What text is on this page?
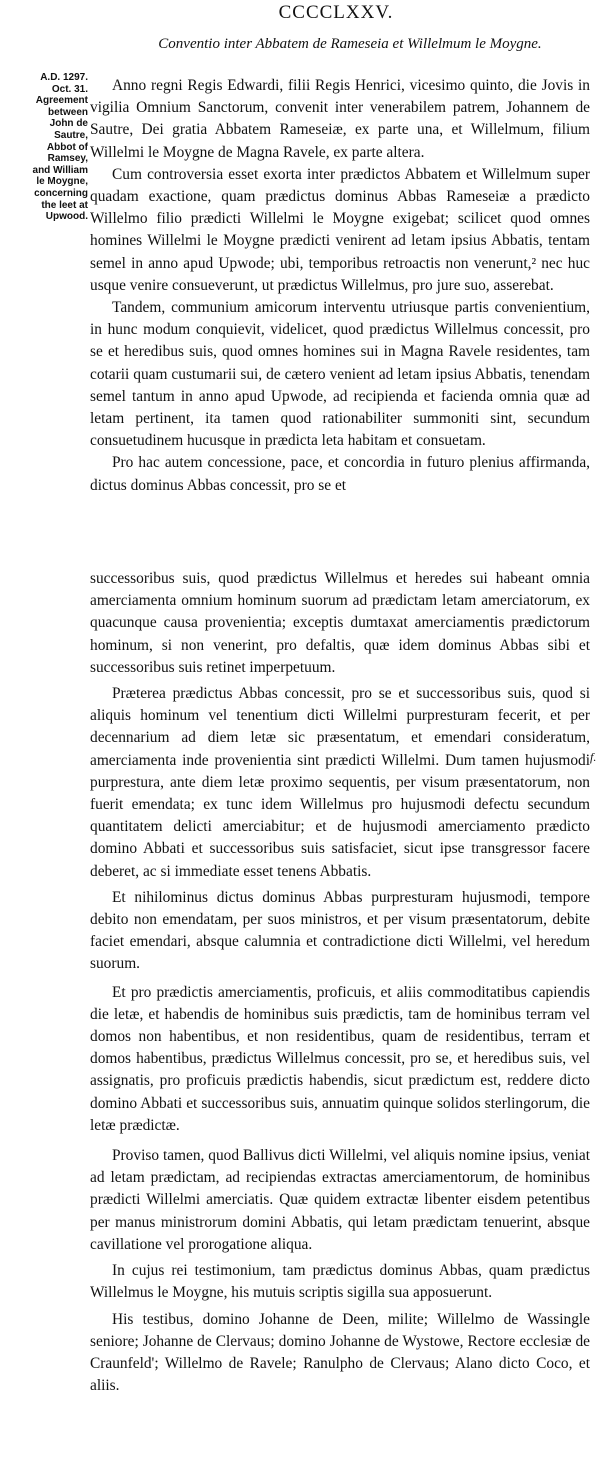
CCCCLXXV.
Conventio inter Abbatem de Rameseia et Willelmum le Moygne.
A.D. 1297.
Oct. 31.
Agreement
between
John de
Sautre,
Abbot of
Ramsey,
and William
le Moygne,
concerning
the leet at
Upwood.

Anno regni Regis Edwardi, filii Regis Henrici, vicesimo quinto, die Jovis in vigilia Omnium Sanctorum, convenit inter venerabilem patrem, Johannem de Sautre, Dei gratia Abbatem Rameseiæ, ex parte una, et Willelmum, filium Willelmi le Moygne de Magna Ravele, ex parte altera.

Cum controversia esset exorta inter prædictos Abbatem et Willelmum super quadam exactione, quam prædictus dominus Abbas Rameseiæ a prædicto Willelmo filio prædicti Willelmi le Moygne exigebat; scilicet quod omnes homines Willelmi le Moygne prædicti venirent ad letam ipsius Abbatis, tentam semel in anno apud Upwode; ubi, temporibus retroactis non venerunt,² nec huc usque venire consueverunt, ut prædictus Willelmus, pro jure suo, asserebat.

Tandem, communium amicorum interventu utriusque partis convenientium, in hunc modum conquievit, videlicet, quod prædictus Willelmus concessit, pro se et heredibus suis, quod omnes homines sui in Magna Ravele residentes, tam cotarii quam custumarii sui, de cætero venient ad letam ipsius Abbatis, tenendam semel tantum in anno apud Upwode, ad recipienda et facienda omnia quæ ad letam pertinent, ita tamen quod rationabiliter summoniti sint, secundum consuetudinem hucusque in prædicta leta habitam et consuetam.

Pro hac autem concessione, pace, et concordia in futuro plenius affirmanda, dictus dominus Abbas concessit, pro se et

successoribus suis, quod prædictus Willelmus et heredes sui habeant omnia amerciamenta omnium hominum suorum ad prædictam letam amerciatorum, ex quacunque causa provenientia; exceptis dumtaxat amerciamentis prædictorum hominum, si non venerint, pro defaltis, quæ idem dominus Abbas sibi et successoribus suis retinet imperpetuum.

Præterea prædictus Abbas concessit, pro se et successoribus suis, quod si aliquis hominum vel tenentium dicti Willelmi purpresturam fecerit, et per decennarium ad diem letæ sic præsentatum, et emendari consideratum, amerciamenta inde provenientia sint prædicti Willelmi. Dum tamen hujusmodi purprestura, ante diem letæ proximo sequentis, per visum præsentatorum, non fuerit emendata; ex tunc idem Willelmus pro hujusmodi defectu secundum quantitatem delicti amerciabitur; et de hujusmodi amerciamento prædicto domino Abbati et successoribus suis satisfaciet, sicut ipse transgressor facere deberet, ac si immediate esset tenens Abbatis.

Et nihilominus dictus dominus Abbas purpresturam hujusmodi, tempore debito non emendatam, per suos ministros, et per visum præsentatorum, debite faciet emendari, absque calumnia et contradictione dicti Willelmi, vel heredum suorum.

Et pro prædictis amerciamentis, proficuis, et aliis commoditatibus capiendis die letæ, et habendis de hominibus suis prædictis, tam de hominibus terram vel domos non habentibus, et non residentibus, quam de residentibus, terram et domos habentibus, prædictus Willelmus concessit, pro se, et heredibus suis, vel assignatis, pro proficuis prædictis habendis, sicut prædictum est, reddere dicto domino Abbati et successoribus suis, annuatim quinque solidos sterlingorum, die letæ prædictæ.

Proviso tamen, quod Ballivus dicti Willelmi, vel aliquis nomine ipsius, veniat ad letam prædictam, ad recipiendas extractas amerciamentorum, de hominibus prædicti Willelmi amerciatis. Quæ quidem extractæ libenter eisdem petentibus per manus ministrorum domini Abbatis, qui letam prædictam tenuerint, absque cavillatione vel prorogatione aliqua.

In cujus rei testimonium, tam prædictus dominus Abbas, quam prædictus Willelmus le Moygne, his mutuis scriptis sigilla sua apposuerunt.

His testibus, domino Johanne de Deen, milite; Willelmo de Wassingle seniore; Johanne de Clervaus; domino Johanne de Wystowe, Rectore ecclesiæ de Craunfeld'; Willelmo de Ravele; Ranulpho de Clervaus; Alano dicto Coco, et aliis.

f.
